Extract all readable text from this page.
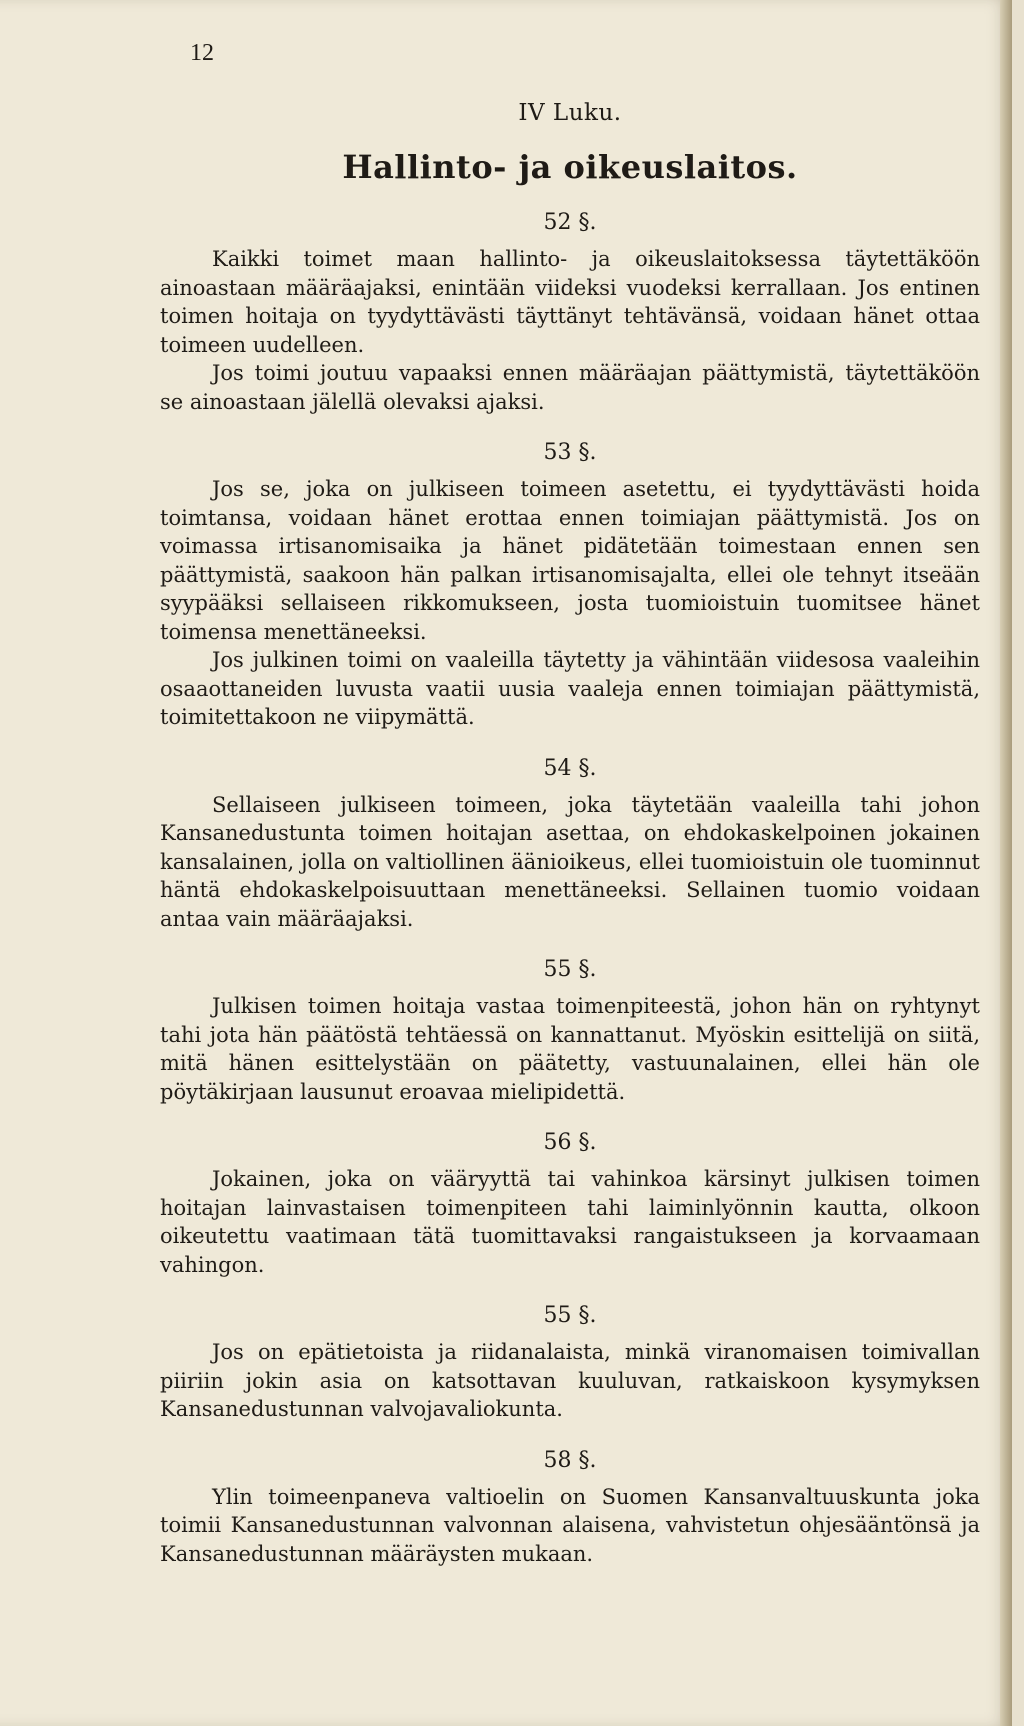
12
IV Luku.
Hallinto- ja oikeuslaitos.
52 §.

Kaikki toimet maan hallinto- ja oikeuslaitoksessa täytettäköön ainoastaan määräajaksi, enintään viideksi vuodeksi kerrallaan. Jos entinen toimen hoitaja on tyydyttävästi täyttänyt tehtävänsä, voidaan hänet ottaa toimeen uudelleen.

Jos toimi joutuu vapaaksi ennen määräajan päättymistä, täytettäköön se ainoastaan jälellä olevaksi ajaksi.

53 §.

Jos se, joka on julkiseen toimeen asetettu, ei tyydyttävästi hoida toimtansa, voidaan hänet erottaa ennen toimiajan päättymistä. Jos on voimassa irtisanomisaika ja hänet pidätetään toimestaan ennen sen päättymistä, saakoon hän palkan irtisanomisajalta, ellei ole tehnyt itseään syypääksi sellaiseen rikkomukseen, josta tuomioistuin tuomitsee hänet toimensa menettäneeksi.

Jos julkinen toimi on vaaleilla täytetty ja vähintään viidesosa vaaleihin osaaottaneiden luvusta vaatii uusia vaaleja ennen toimiajan päättymistä, toimitettakoon ne viipymättä.

54 §.

Sellaiseen julkiseen toimeen, joka täytetään vaaleilla tahi johon Kansanedustunta toimen hoitajan asettaa, on ehdokaskelpoinen jokainen kansalainen, jolla on valtiollinen äänioikeus, ellei tuomioistuin ole tuominnut häntä ehdokaskelpoisuuttaan menettäneeksi. Sellainen tuomio voidaan antaa vain määräajaksi.

55 §.

Julkisen toimen hoitaja vastaa toimenpiteestä, johon hän on ryhtynyt tahi jota hän päätöstä tehtäessä on kannattanut. Myöskin esittelijä on siitä, mitä hänen esittelystään on päätetty, vastuunalainen, ellei hän ole pöytäkirjaan lausunut eroavaa mielipidettä.

56 §.

Jokainen, joka on vääryyttä tai vahinkoa kärsinyt julkisen toimen hoitajan lainvastaisen toimenpiteen tahi laiminlyönnin kautta, olkoon oikeutettu vaatimaan tätä tuomittavaksi rangaistukseen ja korvaamaan vahingon.

55 §.

Jos on epätietoista ja riidanalaista, minkä viranomaisen toimivallan piiriin jokin asia on katsottavan kuuluvan, ratkaiskoon kysymyksen Kansanedustunnan valvojavaliokunta.

58 §.

Ylin toimeenpaneva valtioelin on Suomen Kansanvaltuuskunta joka toimii Kansanedustunnan valvonnan alaisena, vahvistetun ohjesääntönsä ja Kansanedustunnan määräysten mukaan.
